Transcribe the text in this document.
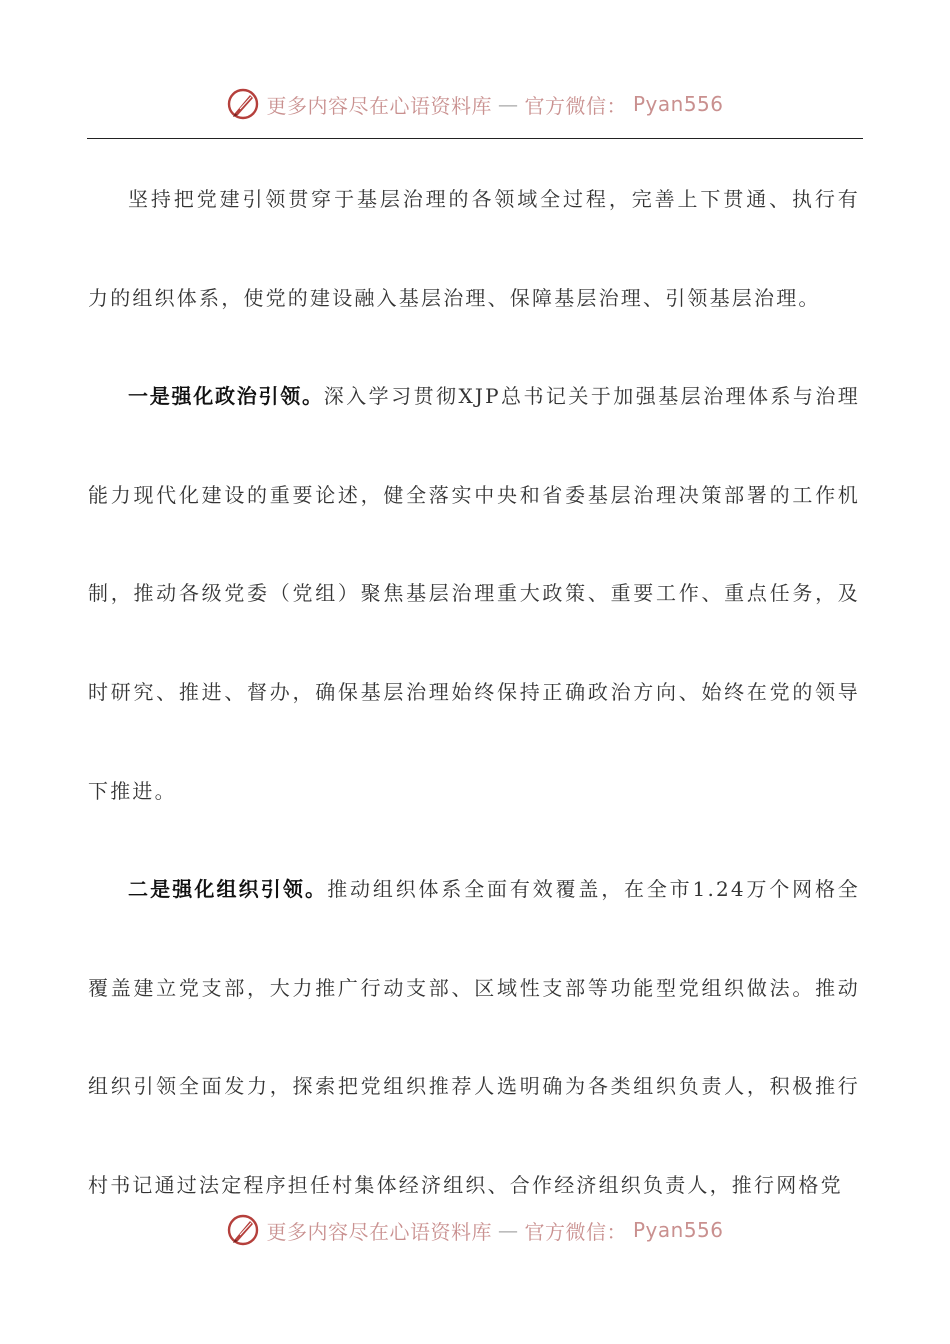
更多内容尽在心语资料库 — 官方微信： Pyan556

坚持把党建引领贯穿于基层治理的各领域全过程，完善上下贯通、执行有力的组织体系，使党的建设融入基层治理、保障基层治理、引领基层治理。

一是强化政治引领。深入学习贯彻XJP总书记关于加强基层治理体系与治理能力现代化建设的重要论述，健全落实中央和省委基层治理决策部署的工作机制，推动各级党委（党组）聚焦基层治理重大政策、重要工作、重点任务，及时研究、推进、督办，确保基层治理始终保持正确政治方向、始终在党的领导下推进。

二是强化组织引领。推动组织体系全面有效覆盖，在全市1.24万个网格全覆盖建立党支部，大力推广行动支部、区域性支部等功能型党组织做法。推动组织引领全面发力，探索把党组织推荐人选明确为各类组织负责人，积极推行村书记通过法定程序担任村集体经济组织、合作经济组织负责人，推行网格党

更多内容尽在心语资料库 — 官方微信： Pyan556
